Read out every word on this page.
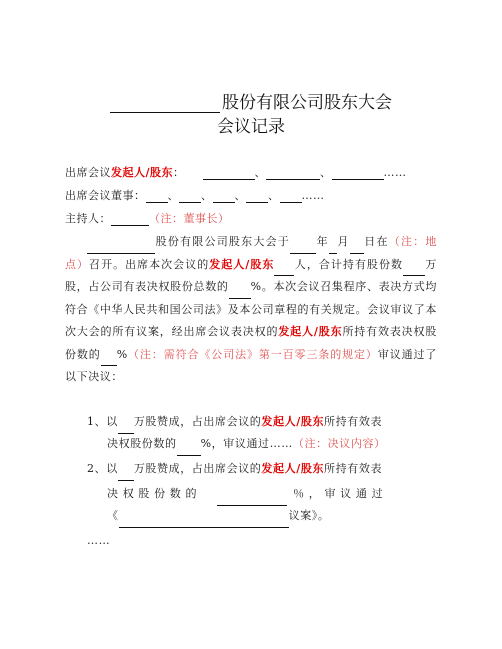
股份有限公司股东大会
会议记录
出席会议发起人/股东：	、	、	……
出席会议董事： 、 、 、 、 ……
主持人：	（注：董事长）
股份有限公司股东大会于 年 月 日在（注：地点）召开。出席本次会议的发起人/股东 人，合计持有股份数 万股，占公司有表决权股份总数的 %。本次会议召集程序、表决方式均符合《中华人民共和国公司法》及本公司章程的有关规定。会议审议了本次大会的所有议案，经出席会议表决权的发起人/股东所持有效表决权股份数的 %（注：需符合《公司法》第一百零三条的规定）审议通过了以下决议：
1、以 万股赞成，占出席会议的发起人/股东所持有效表
决权股份数的 %，审议通过……（注：决议内容）
2、以 万股赞成，占出席会议的发起人/股东所持有效表
决 权 股 份 数 的	％ ， 审 议 通 过
《	议案》。
……
